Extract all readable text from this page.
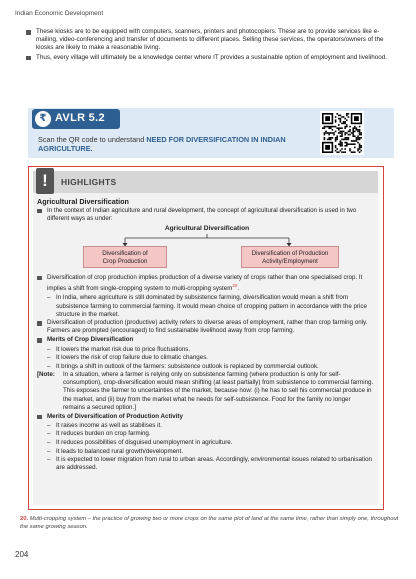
Indian Economic Development
These kiosks are to be equipped with computers, scanners, printers and photocopiers. These are to provide services like e-mailing, video-conferencing and transfer of documents to different places. Selling these services, the operators/owners of the kiosks are likely to make a reasonable living.
Thus, every village will ultimately be a knowledge center where IT provides a sustainable option of employment and livelihood.
₹ AVLR 5.2
Scan the QR code to understand NEED FOR DIVERSIFICATION IN INDIAN AGRICULTURE.
!	HIGHLIGHTS
Agricultural Diversification
In the context of Indian agriculture and rural development, the concept of agricultural diversification is used in two different ways as under:
Agricultural Diversification
Diversification of
Crop Production
Diversification of Production
Activity/Employment
Diversification of crop production implies production of a diverse variety of crops rather than one specialised crop. It implies a shift from single-cropping system to multi-cropping system$^{20}$.
– In India, where agriculture is still dominated by subsistence farming, diversification would mean a shift from subsistence farming to commercial farming. It would mean choice of cropping pattern in accordance with the price structure in the market.
Diversification of production (productive) activity refers to diverse areas of employment, rather than crop farming only. Farmers are prompted (encouraged) to find sustainable livelihood away from crop farming.
Merits of Crop Diversification
– It lowers the market risk due to price fluctuations.
– It lowers the risk of crop failure due to climatic changes.
– It brings a shift in outlook of the farmers: subsistence outlook is replaced by commercial outlook.
[Note: In a situation, where a farmer is relying only on subsistence farming (where production is only for self-consumption), crop-diversification would mean shifting (at least partially) from subsistence to commercial farming. This exposes the farmer to uncertainties of the market, because now: (i) he has to sell his commercial produce in the market, and (ii) buy from the market what he needs for self-subsistence. Food for the family no longer remains a secured option.]
Merits of Diversification of Production Activity
– It raises income as well as stabilises it.
– It reduces burden on crop farming.
– It reduces possibilities of disguised unemployment in agriculture.
– It leads to balanced rural growth/development.
– It is expected to lower migration from rural to urban areas. Accordingly, environmental issues related to urbanisation are addressed.
20. Multi-cropping system – the practice of growing two or more crops on the same plot of land at the same time, rather than simply one, throughout the same growing season.
204
